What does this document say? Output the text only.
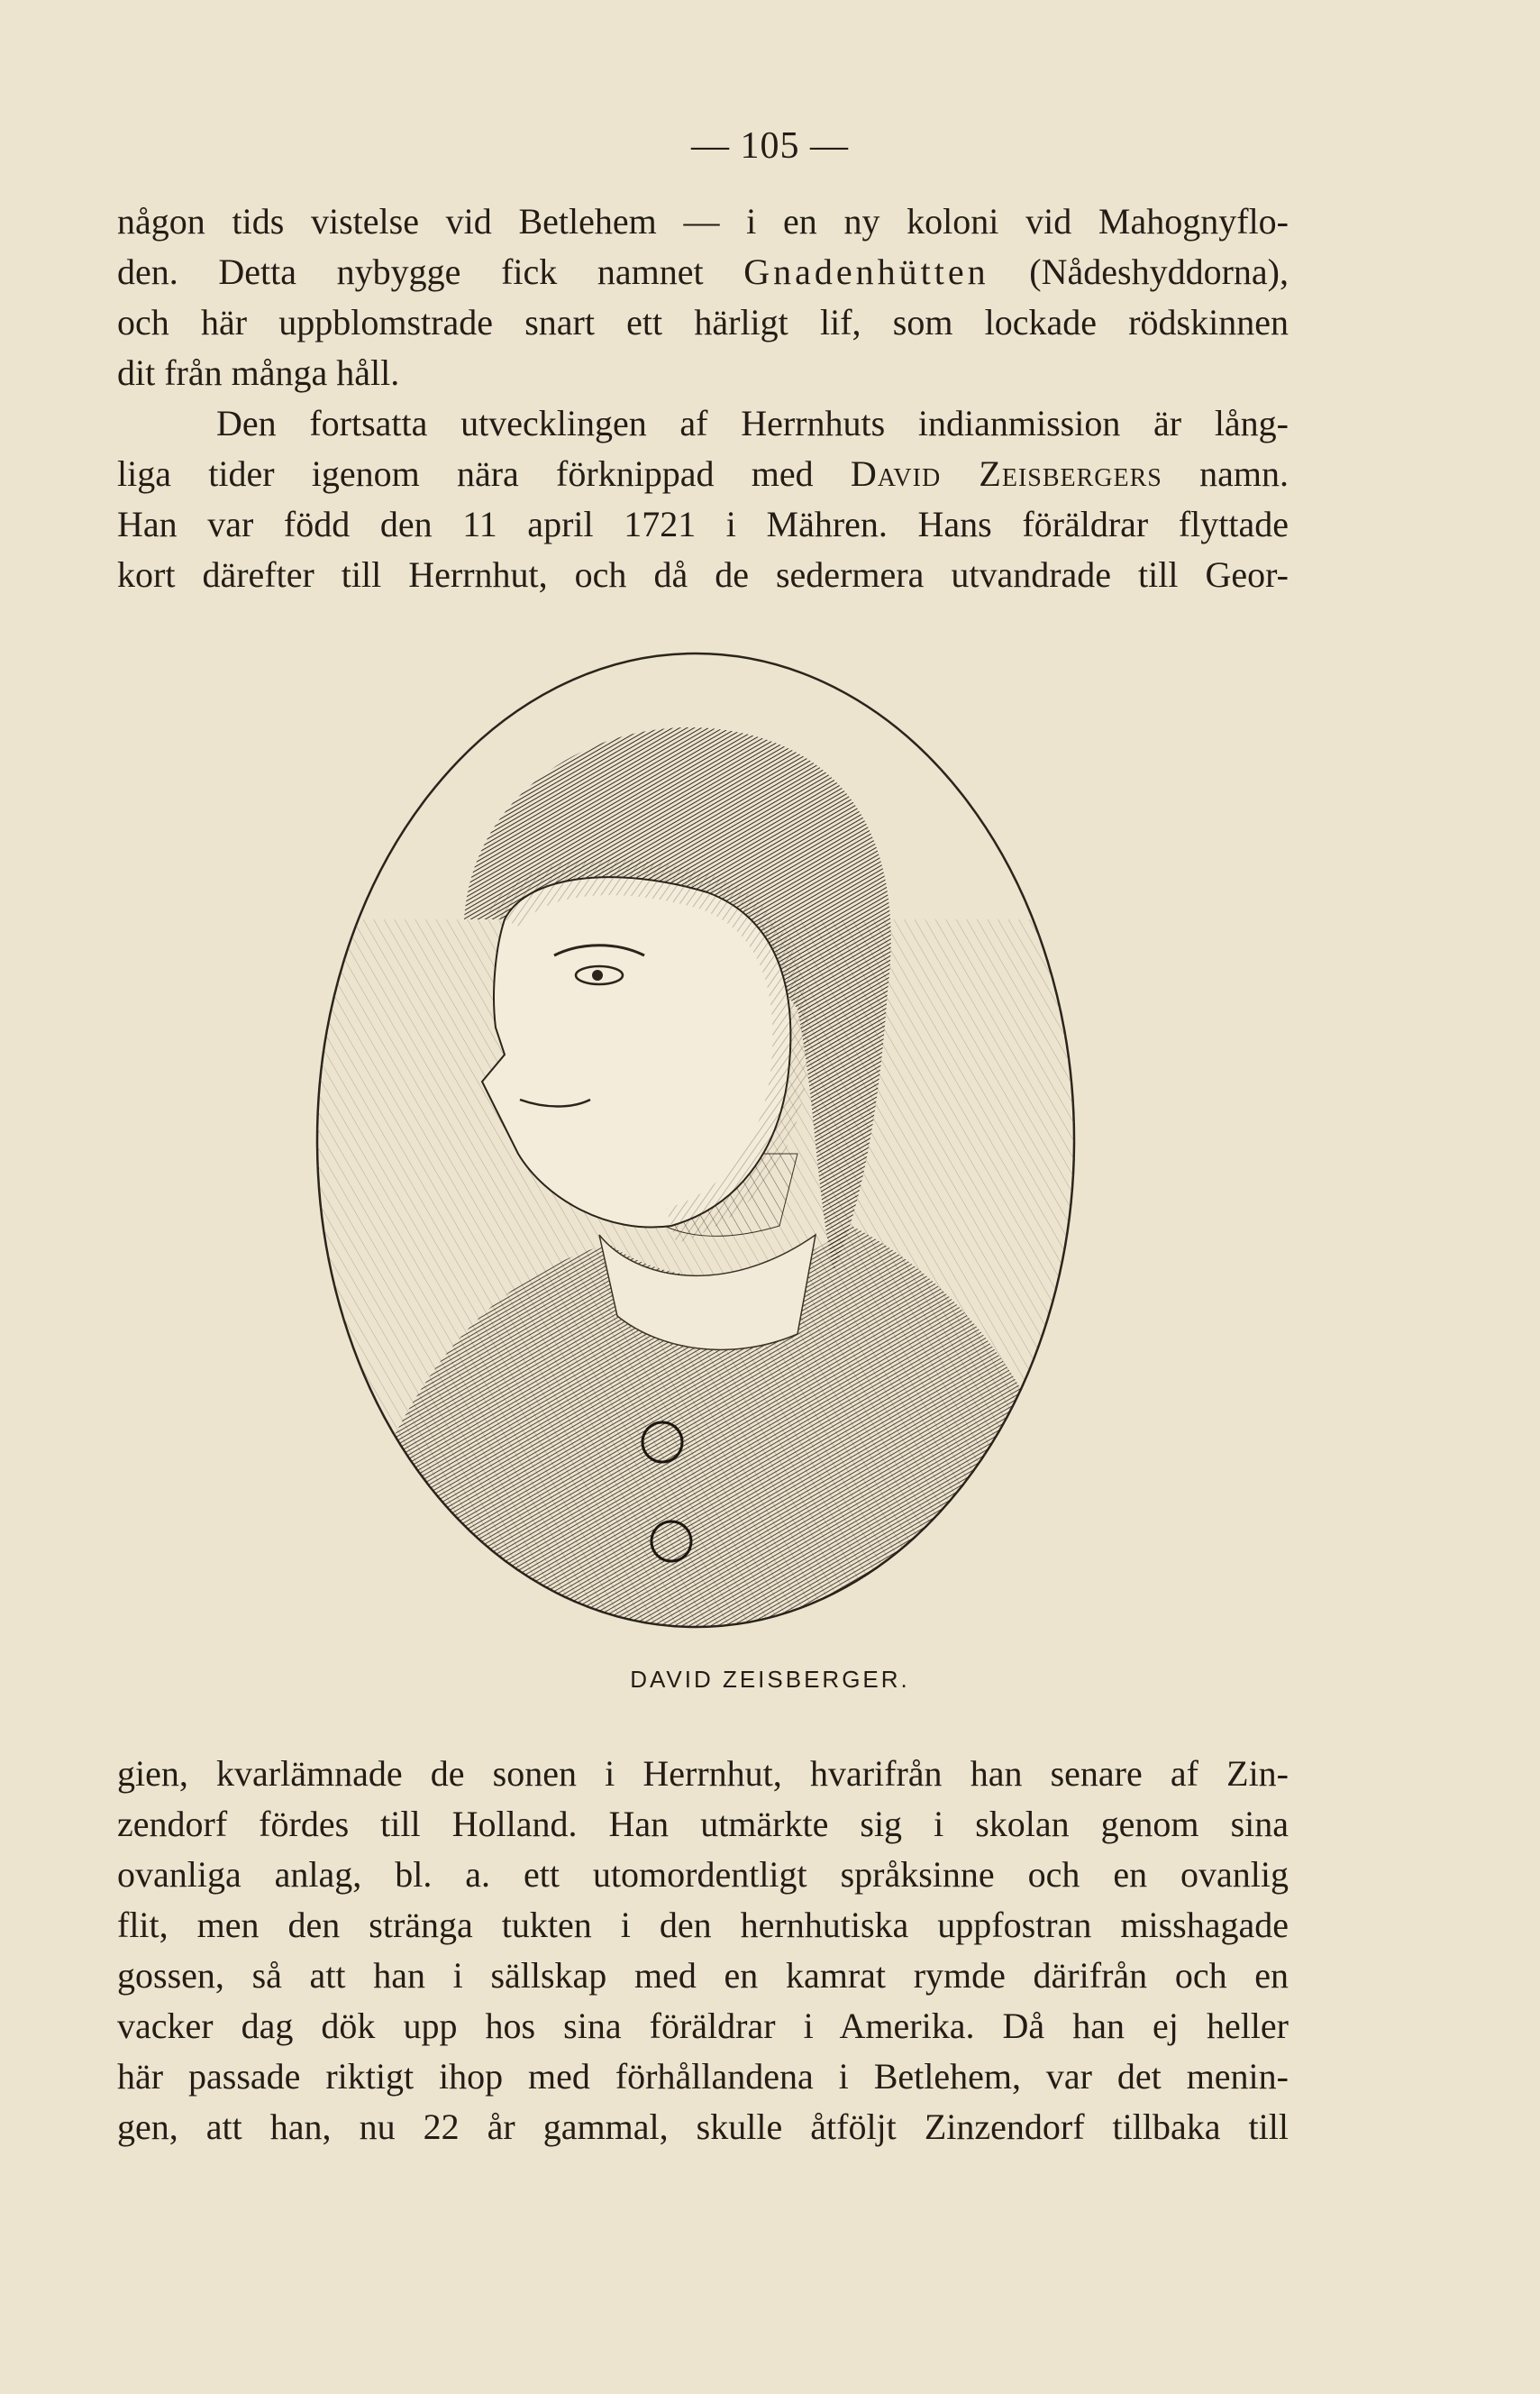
— 105 —

någon tids vistelse vid Betlehem — i en ny koloni vid Mahognyflo-
den. Detta nybygge fick namnet Gnadenhütten (Nådeshyddorna),
och här uppblomstrade snart ett härligt lif, som lockade rödskinnen
dit från många håll.

Den fortsatta utvecklingen af Herrnhuts indianmission är lång-
liga tider igenom nära förknippad med David Zeisbergers namn.
Han var född den 11 april 1721 i Mähren. Hans föräldrar flyttade
kort därefter till Herrnhut, och då de sedermera utvandrade till Geor-

DAVID ZEISBERGER.

gien, kvarlämnade de sonen i Herrnhut, hvarifrån han senare af Zin-
zendorf fördes till Holland. Han utmärkte sig i skolan genom sina
ovanliga anlag, bl. a. ett utomordentligt språksinne och en ovanlig
flit, men den stränga tukten i den hernhutiska uppfostran misshagade
gossen, så att han i sällskap med en kamrat rymde därifrån och en
vacker dag dök upp hos sina föräldrar i Amerika. Då han ej heller
här passade riktigt ihop med förhållandena i Betlehem, var det menin-
gen, att han, nu 22 år gammal, skulle åtföljt Zinzendorf tillbaka till
